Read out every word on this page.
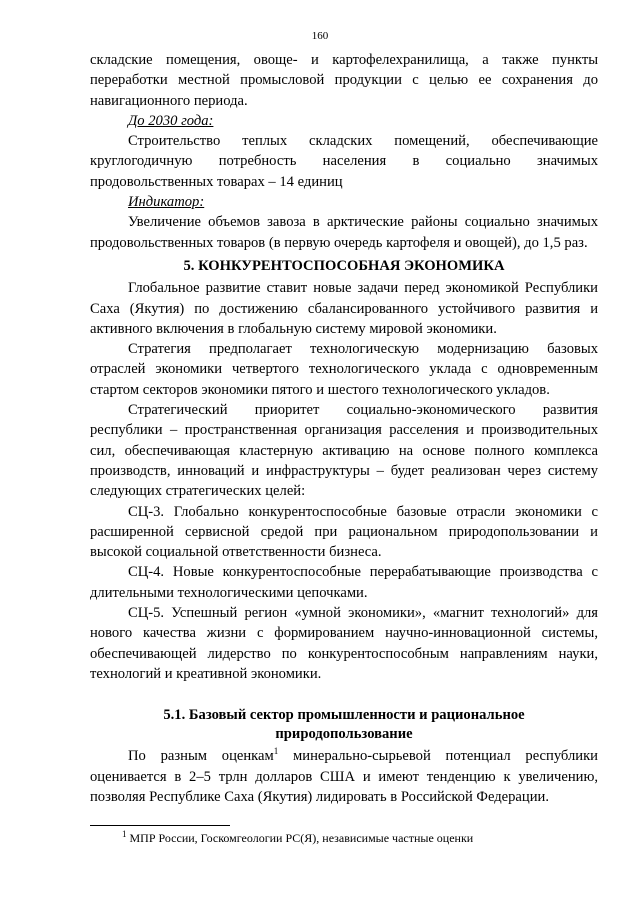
160

складские помещения, овоще- и картофелехранилища, а также пункты переработки местной промысловой продукции с целью ее сохранения до навигационного периода.

До 2030 года:

Строительство теплых складских помещений, обеспечивающие круглогодичную потребность населения в социально значимых продовольственных товарах – 14 единиц

Индикатор:

Увеличение объемов завоза в арктические районы социально значимых продовольственных товаров (в первую очередь картофеля и овощей), до 1,5 раз.

5. КОНКУРЕНТОСПОСОБНАЯ ЭКОНОМИКА

Глобальное развитие ставит новые задачи перед экономикой Республики Саха (Якутия) по достижению сбалансированного устойчивого развития и активного включения в глобальную систему мировой экономики.

Стратегия предполагает технологическую модернизацию базовых отраслей экономики четвертого технологического уклада с одновременным стартом секторов экономики пятого и шестого технологического укладов.

Стратегический приоритет социально-экономического развития республики – пространственная организация расселения и производительных сил, обеспечивающая кластерную активацию на основе полного комплекса производств, инноваций и инфраструктуры – будет реализован через систему следующих стратегических целей:

СЦ-3. Глобально конкурентоспособные базовые отрасли экономики с расширенной сервисной средой при рациональном природопользовании и высокой социальной ответственности бизнеса.

СЦ-4. Новые конкурентоспособные перерабатывающие производства с длительными технологическими цепочками.

СЦ-5. Успешный регион «умной экономики», «магнит технологий» для нового качества жизни с формированием научно-инновационной системы, обеспечивающей лидерство по конкурентоспособным направлениям науки, технологий и креативной экономики.

5.1. Базовый сектор промышленности и рациональное
природопользование

По разным оценкам$^1$ минерально-сырьевой потенциал республики оценивается в 2–5 трлн долларов США и имеют тенденцию к увеличению, позволяя Республике Саха (Якутия) лидировать в Российской Федерации.

$^1$ МПР России, Госкомгеологии РС(Я), независимые частные оценки
